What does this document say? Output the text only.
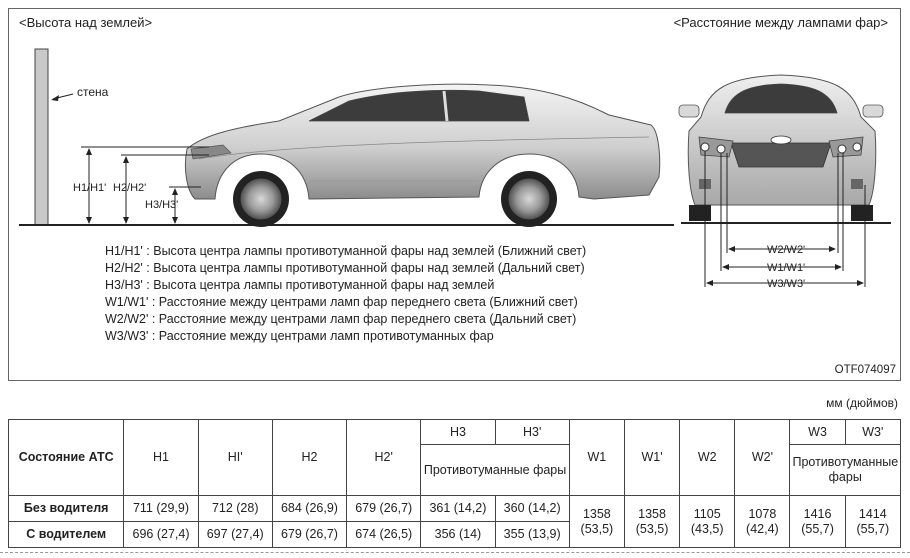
<Высота над землей>	<Расстояние между лампами фар>
стена
H1/H1' H2/H2'
H3/H3'
W2/W2'
W1/W1'
W3/W3'
H1/H1' : Высота центра лампы противотуманной фары над землей (Ближний свет)
H2/H2' : Высота центра лампы противотуманной фары над землей (Дальний свет)
H3/H3' : Высота центра лампы противотуманной фары над землей
W1/W1' : Расстояние между центрами ламп фар переднего света (Ближний свет)
W2/W2' : Расстояние между центрами ламп фар переднего света (Дальний свет)
W3/W3' : Расстояние между центрами ламп противотуманных фар
OTF074097
мм (дюймов)
Состояние АТС	H1	HI'	H2	H2'	H3	H3'	W1	W1'	W2	W2'	W3	W3'
					Противотуманные фары						Противотуманные фары	
Без водителя	711 (29,9)	712 (28)	684 (26,9)	679 (26,7)	361 (14,2)	360 (14,2)	1358 (53,5)	1358 (53,5)	1105 (43,5)	1078 (42,4)	1416 (55,7)	1414 (55,7)
С водителем	696 (27,4)	697 (27,4)	679 (26,7)	674 (26,5)	356 (14)	355 (13,9)						
